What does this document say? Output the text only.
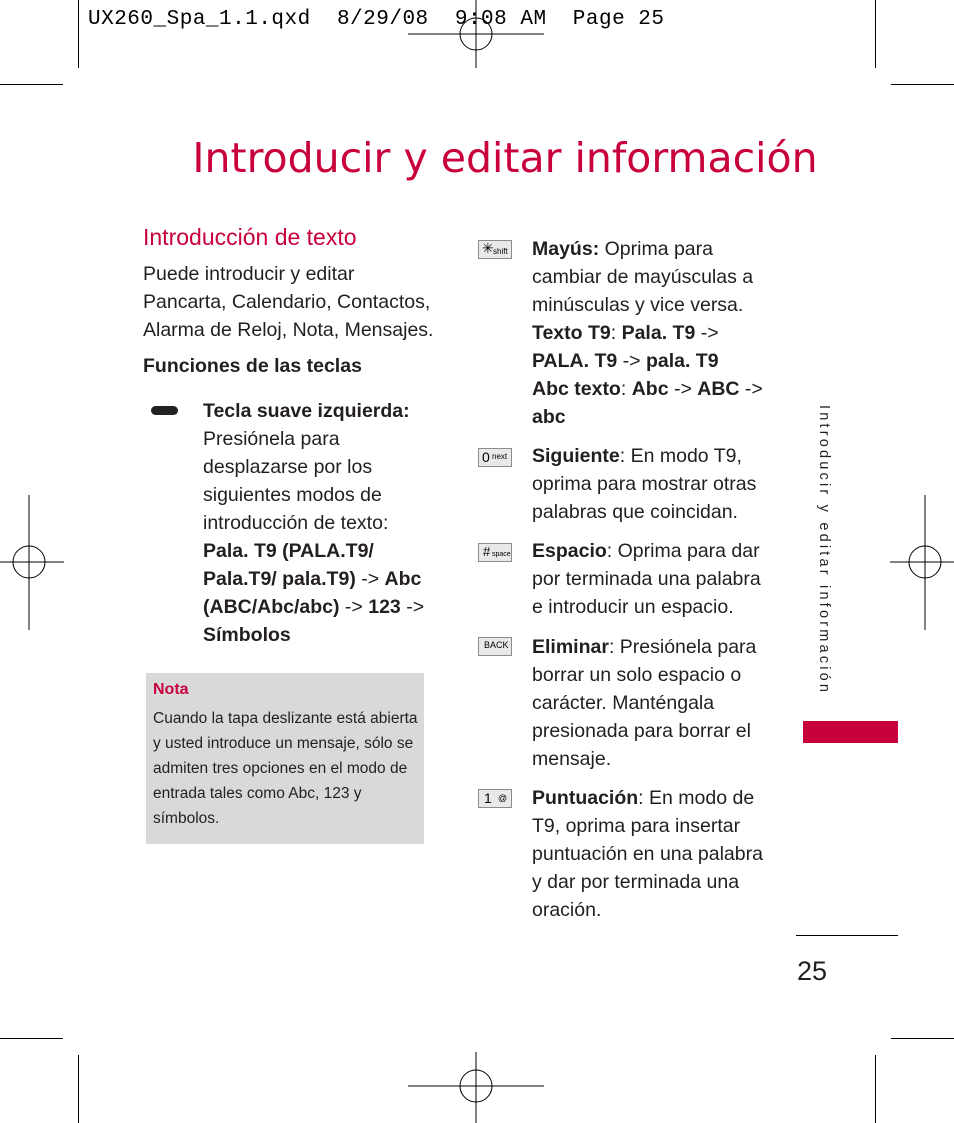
UX260_Spa_1.1.qxd  8/29/08  9:08 AM  Page 25
Introducir y editar información
Introducción de texto
Puede introducir y editar Pancarta, Calendario, Contactos, Alarma de Reloj, Nota, Mensajes.
Funciones de las teclas
Tecla suave izquierda: Presiónela para desplazarse por los siguientes modos de introducción de texto: Pala. T9 (PALA.T9/ Pala.T9/ pala.T9) -> Abc (ABC/Abc/abc) -> 123 -> Símbolos
Nota
Cuando la tapa deslizante está abierta y usted introduce un mensaje, sólo se admiten tres opciones en el modo de entrada tales como Abc, 123 y símbolos.
✳ shift Mayús: Oprima para cambiar de mayúsculas a minúsculas y vice versa.
Texto T9: Pala. T9 -> PALA. T9 -> pala. T9
Abc texto: Abc -> ABC -> abc
0 next Siguiente: En modo T9, oprima para mostrar otras palabras que coincidan.
# space Espacio: Oprima para dar por terminada una palabra e introducir un espacio.
BACK Eliminar: Presiónela para borrar un solo espacio o carácter. Manténgala presionada para borrar el mensaje.
1 @ Puntuación: En modo de T9, oprima para insertar puntuación en una palabra y dar por terminada una oración.
Introducir y editar información
25
